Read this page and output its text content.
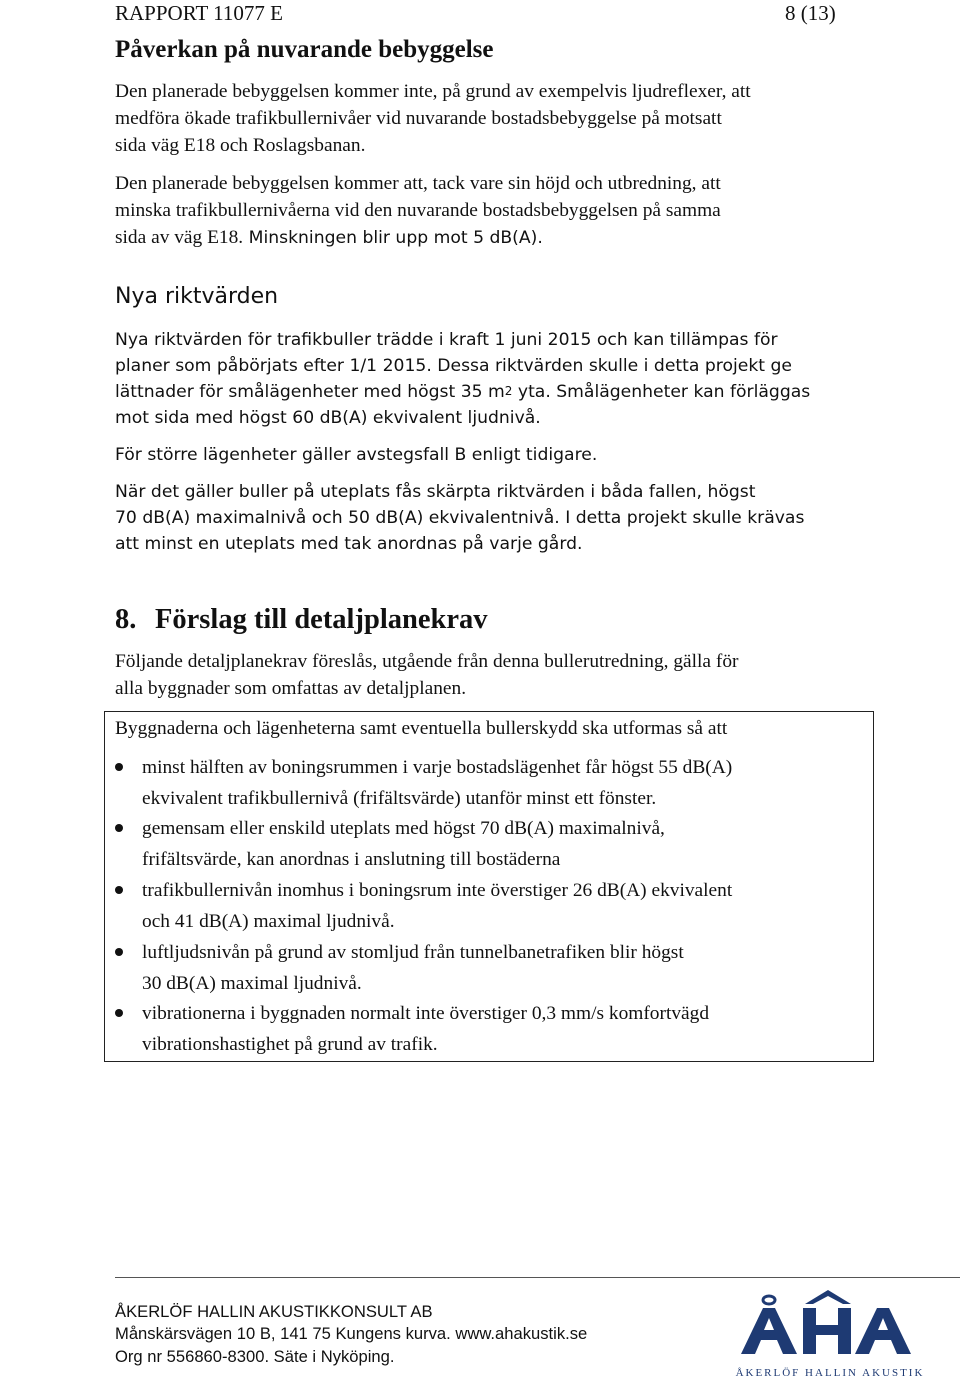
RAPPORT 11077 E	8 (13)
Påverkan på nuvarande bebyggelse

Den planerade bebyggelsen kommer inte, på grund av exempelvis ljudreflexer, att
medföra ökade trafikbullernivåer vid nuvarande bostadsbebyggelse på motsatt
sida väg E18 och Roslagsbanan.

Den planerade bebyggelsen kommer att, tack vare sin höjd och utbredning, att
minska trafikbullernivåerna vid den nuvarande bostadsbebyggelsen på samma
sida av väg E18. Minskningen blir upp mot 5 dB(A).

Nya riktvärden

Nya riktvärden för trafikbuller trädde i kraft 1 juni 2015 och kan tillämpas för
planer som påbörjats efter 1/1 2015. Dessa riktvärden skulle i detta projekt ge
lättnader för smålägenheter med högst 35 $m^2$ yta. Smålägenheter kan förläggas
mot sida med högst 60 dB(A) ekvivalent ljudnivå.

För större lägenheter gäller avstegsfall B enligt tidigare.

När det gäller buller på uteplats fås skärpta riktvärden i båda fallen, högst
70 dB(A) maximalnivå och 50 dB(A) ekvivalentnivå. I detta projekt skulle krävas
att minst en uteplats med tak anordnas på varje gård.

8. Förslag till detaljplanekrav

Följande detaljplanekrav föreslås, utgående från denna bullerutredning, gälla för
alla byggnader som omfattas av detaljplanen.

Byggnaderna och lägenheterna samt eventuella bullerskydd ska utformas så att
minst hälften av boningsrummen i varje bostadslägenhet får högst 55 dB(A)
ekvivalent trafikbullernivå (frifältsvärde) utanför minst ett fönster.
gemensam eller enskild uteplats med högst 70 dB(A) maximalnivå,
frifältsvärde, kan anordnas i anslutning till bostäderna
trafikbullernivån inomhus i boningsrum inte överstiger 26 dB(A) ekvivalent
och 41 dB(A) maximal ljudnivå.
luftljudsnivån på grund av stomljud från tunnelbanetrafiken blir högst
30 dB(A) maximal ljudnivå.
vibrationerna i byggnaden normalt inte överstiger 0,3 mm/s komfortvägd
vibrationshastighet på grund av trafik.
ÅKERLÖF HALLIN AKUSTIKKONSULT AB
Månskärsvägen 10 B, 141 75 Kungens kurva. www.ahakustik.se
Org nr 556860-8300. Säte i Nyköping.
ÅKERLÖF HALLIN AKUSTIK
